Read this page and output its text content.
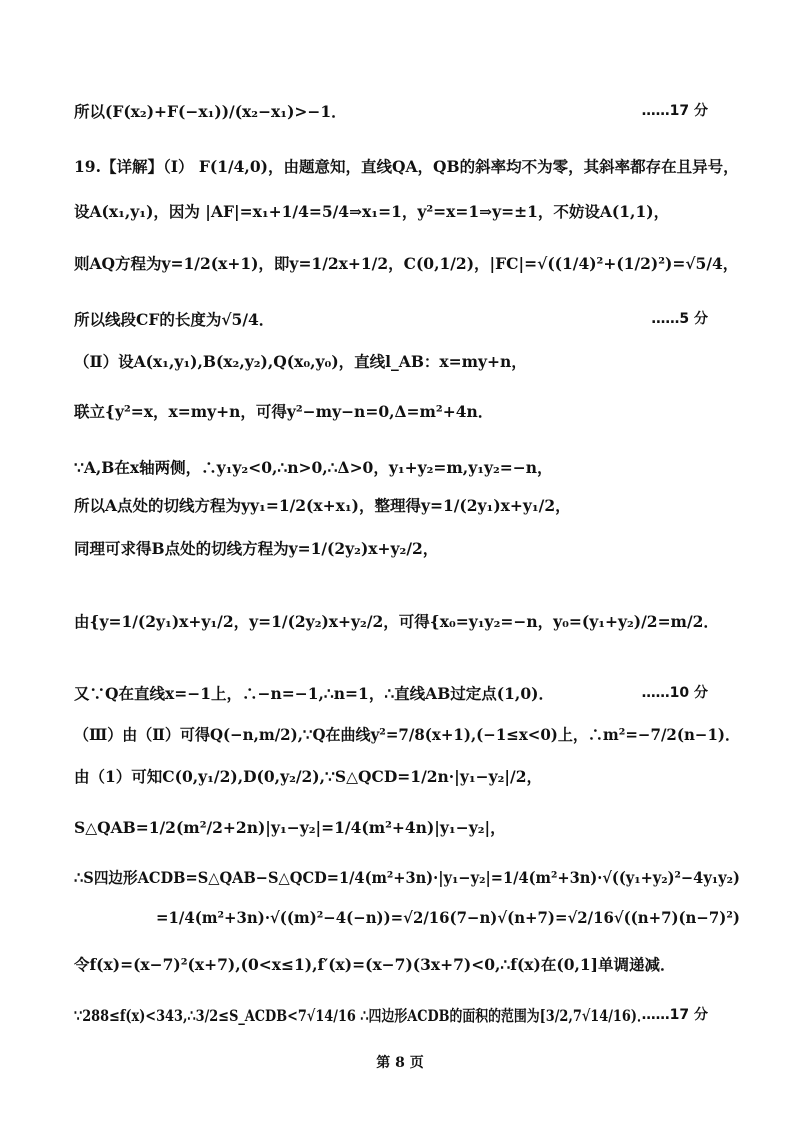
所以(F(x₂)+F(−x₁))/(x₂−x₁)>−1．	……17 分
19.【详解】（Ⅰ） F(1/4,0)，由题意知，直线QA，QB的斜率均不为零，其斜率都存在且异号，
设A(x₁,y₁)，因为 |AF|=x₁+1/4=5/4⇒x₁=1，y²=x=1⇒y=±1，不妨设A(1,1)，
则AQ方程为y=1/2(x+1)，即y=1/2x+1/2，C(0,1/2)，|FC|=√((1/4)²+(1/2)²)=√5/4，
所以线段CF的长度为√5/4．	……5 分
（Ⅱ）设A(x₁,y₁),B(x₂,y₂),Q(x₀,y₀)，直线l_AB：x=my+n，
联立{y²=x，x=my+n，可得y²−my−n=0,Δ=m²+4n．
∵A,B在x轴两侧，∴y₁y₂<0,∴n>0,∴Δ>0，y₁+y₂=m,y₁y₂=−n，
所以A点处的切线方程为yy₁=1/2(x+x₁)，整理得y=1/(2y₁)x+y₁/2，
同理可求得B点处的切线方程为y=1/(2y₂)x+y₂/2，
由{y=1/(2y₁)x+y₁/2，y=1/(2y₂)x+y₂/2，可得{x₀=y₁y₂=−n，y₀=(y₁+y₂)/2=m/2．
又∵Q在直线x=−1上，∴−n=−1,∴n=1，∴直线AB过定点(1,0)．	……10 分
（Ⅲ）由（Ⅱ）可得Q(−n,m/2),∵Q在曲线y²=7/8(x+1),(−1≤x<0)上，∴m²=−7/2(n−1)．
由（1）可知C(0,y₁/2),D(0,y₂/2),∵S△QCD=1/2n·|y₁−y₂|/2，
S△QAB=1/2(m²/2+2n)|y₁−y₂|=1/4(m²+4n)|y₁−y₂|，
∴S四边形ACDB=S△QAB−S△QCD=1/4(m²+3n)·|y₁−y₂|=1/4(m²+3n)·√((y₁+y₂)²−4y₁y₂)
=1/4(m²+3n)·√((m)²−4(−n))=√2/16(7−n)√(n+7)=√2/16√((n+7)(n−7)²)
令f(x)=(x−7)²(x+7),(0<x≤1),f′(x)=(x−7)(3x+7)<0,∴f(x)在(0,1]单调递减．
∵288≤f(x)<343,∴3/2≤S_ACDB<7√14/16 ∴四边形ACDB的面积的范围为[3/2,7√14/16)．
……17 分
第 8 页
